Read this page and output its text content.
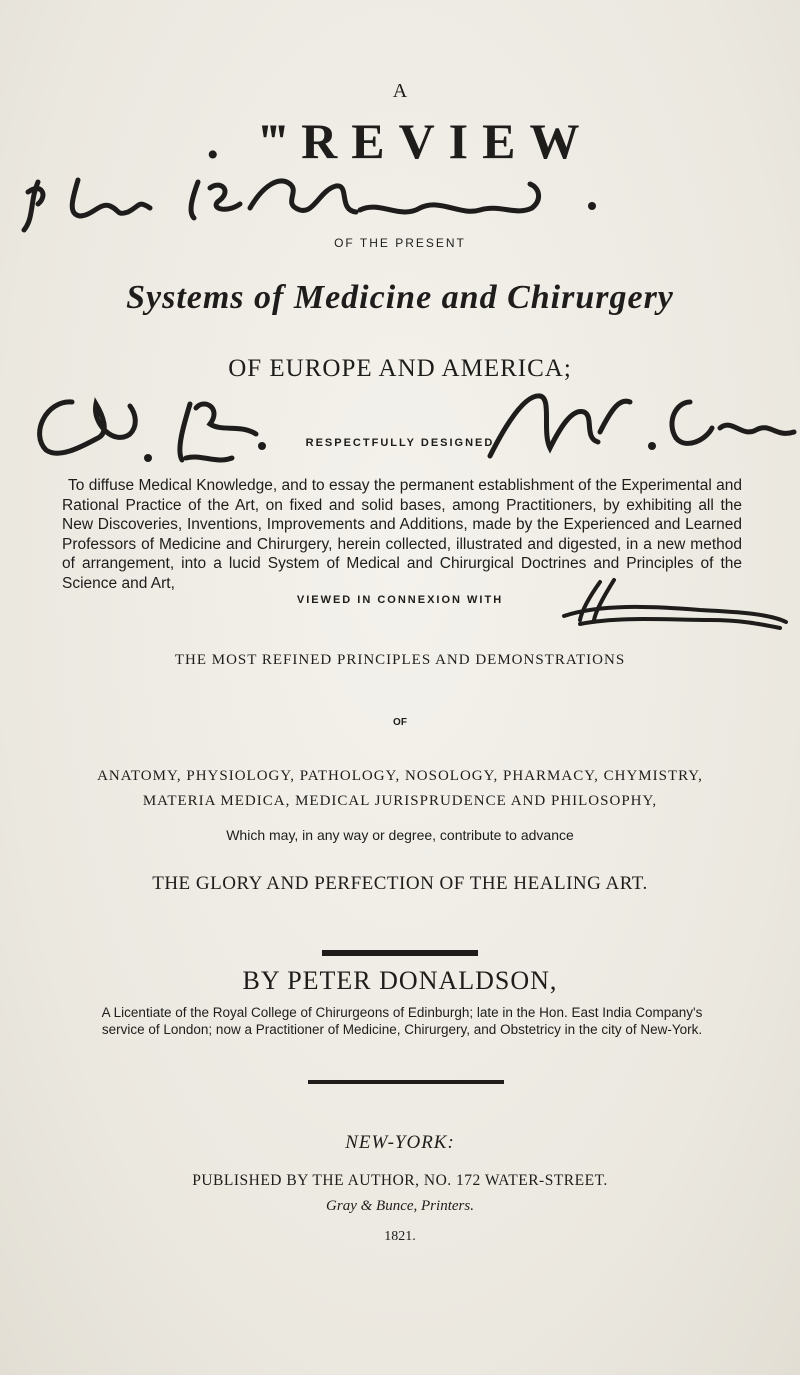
A
. ‴REVIEW
OF THE PRESENT
Systems of Medicine and Chirurgery
OF EUROPE AND AMERICA;
RESPECTFULLY DESIGNED
To diffuse Medical Knowledge, and to essay the permanent establishment of the Experimental and Rational Practice of the Art, on fixed and solid bases, among Practitioners, by exhibiting all the New Discoveries, Inventions, Improvements and Additions, made by the Experienced and Learned Professors of Medicine and Chirurgery, herein collected, illustrated and digested, in a new method of arrangement, into a lucid System of Medical and Chirurgical Doctrines and Principles of the Science and Art,
VIEWED IN CONNEXION WITH
THE MOST REFINED PRINCIPLES AND DEMONSTRATIONS
OF
ANATOMY, PHYSIOLOGY, PATHOLOGY, NOSOLOGY, PHARMACY, CHYMISTRY,
MATERIA MEDICA, MEDICAL JURISPRUDENCE AND PHILOSOPHY,
Which may, in any way or degree, contribute to advance
THE GLORY AND PERFECTION OF THE HEALING ART.
BY PETER DONALDSON,
A Licentiate of the Royal College of Chirurgeons of Edinburgh; late in the Hon. East India Company's service of London; now a Practitioner of Medicine, Chirurgery, and Obstetricy in the city of New-York.
NEW-YORK:
PUBLISHED BY THE AUTHOR, NO. 172 WATER-STREET.
Gray & Bunce, Printers.
1821.
